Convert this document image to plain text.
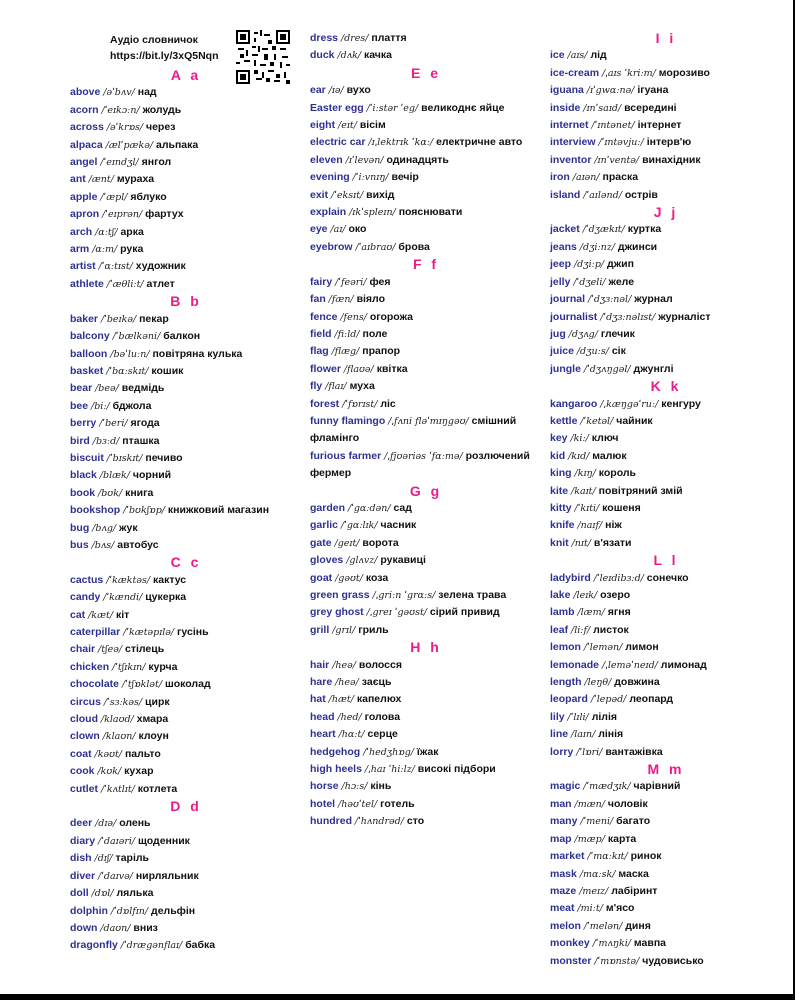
Аудіо словничок
https://bit.ly/3xQ5Nqn
A a
above /əˈbʌv/ над
acorn /ˈeɪkɔːn/ жолудь
across /əˈkrɒs/ через
alpaca /ælˈpækə/ альпака
angel /ˈeɪndʒl/ янгол
ant /ænt/ мураха
apple /ˈæpl/ яблуко
apron /ˈeɪprən/ фартух
arch /ɑːtʃ/ арка
arm /ɑːm/ рука
artist /ˈɑːtɪst/ художник
athlete /ˈæθliːt/ атлет
B b
baker /ˈbeɪkə/ пекар
balcony /ˈbælkəni/ балкон
balloon /bəˈluːn/ повітряна кулька
basket /ˈbɑːskɪt/ кошик
bear /beə/ ведмідь
bee /biː/ бджола
berry /ˈberi/ ягода
bird /bɜːd/ пташка
biscuit /ˈbɪskɪt/ печиво
black /blæk/ чорний
book /bʊk/ книга
bookshop /ˈbʊkʃɒp/ книжковий магазин
bug /bʌg/ жук
bus /bʌs/ автобус
C c
cactus /ˈkæktəs/ кактус
candy /ˈkændi/ цукерка
cat /kæt/ кіт
caterpillar /ˈkætəpɪlə/ гусінь
chair /tʃeə/ стілець
chicken /ˈtʃɪkɪn/ курча
chocolate /ˈtʃɒklət/ шоколад
circus /ˈsɜːkəs/ цирк
cloud /klaʊd/ хмара
clown /klaʊn/ клоун
coat /kəʊt/ пальто
cook /kʊk/ кухар
cutlet /ˈkʌtlɪt/ котлета
D d
deer /dɪə/ олень
diary /ˈdaɪəri/ щоденник
dish /dɪʃ/ таріль
diver /ˈdaɪvə/ нирляльник
doll /dɒl/ лялька
dolphin /ˈdɒlfɪn/ дельфін
down /daʊn/ вниз
dragonfly /ˈdrægənflaɪ/ бабка
dress /dres/ плаття
duck /dʌk/ качка
E e
ear /ɪə/ вухо
Easter egg /ˈiːstər ˈeg/ великоднє яйце
eight /eɪt/ вісім
electric car /ɪˌlektrɪk ˈkɑː/ електричне авто
eleven /ɪˈlevən/ одинадцять
evening /ˈiːvnɪŋ/ вечір
exit /ˈeksɪt/ вихід
explain /ɪkˈspleɪn/ пояснювати
eye /aɪ/ око
eyebrow /ˈaɪbraʊ/ брова
F f
fairy /ˈfeəri/ фея
fan /fæn/ віяло
fence /fens/ огорожа
field /fiːld/ поле
flag /flæg/ прапор
flower /flaʊə/ квітка
fly /flaɪ/ муха
forest /ˈfɒrɪst/ ліс
funny flamingo /ˌfʌni fləˈmɪŋgəʊ/ смішний фламінго
furious farmer /ˌfjʊəriəs ˈfɑːmə/ розлючений фермер
G g
garden /ˈgɑːdən/ сад
garlic /ˈgɑːlɪk/ часник
gate /geɪt/ ворота
gloves /glʌvz/ рукавиці
goat /gəʊt/ коза
green grass /ˌgriːn ˈgrɑːs/ зелена трава
grey ghost /ˌgreɪ ˈgəʊst/ сірий привид
grill /grɪl/ гриль
H h
hair /heə/ волосся
hare /heə/ заєць
hat /hæt/ капелюх
head /hed/ голова
heart /hɑːt/ серце
hedgehog /ˈhedʒhɒg/ їжак
high heels /ˌhaɪ ˈhiːlz/ високі підбори
horse /hɔːs/ кінь
hotel /həʊˈtel/ готель
hundred /ˈhʌndrəd/ сто
I i
ice /aɪs/ лід
ice-cream /ˌaɪs ˈkriːm/ морозиво
iguana /ɪˈgwɑːnə/ ігуана
inside /ɪnˈsaɪd/ всередині
internet /ˈɪntənet/ інтернет
interview /ˈɪntəvjuː/ інтерв'ю
inventor /ɪnˈventə/ винахідник
iron /aɪən/ праска
island /ˈaɪlənd/ острів
J j
jacket /ˈdʒækɪt/ куртка
jeans /dʒiːnz/ джинси
jeep /dʒiːp/ джип
jelly /ˈdʒeli/ желе
journal /ˈdʒɜːnəl/ журнал
journalist /ˈdʒɜːnəlɪst/ журналіст
jug /dʒʌg/ глечик
juice /dʒuːs/ сік
jungle /ˈdʒʌŋgəl/ джунглі
K k
kangaroo /ˌkæŋgəˈruː/ кенгуру
kettle /ˈketəl/ чайник
key /kiː/ ключ
kid /kɪd/ малюк
king /kɪŋ/ король
kite /kaɪt/ повітряний змій
kitty /ˈkɪti/ кошеня
knife /naɪf/ ніж
knit /nɪt/ в'язати
L l
ladybird /ˈleɪdibɜːd/ сонечко
lake /leɪk/ озеро
lamb /læm/ ягня
leaf /liːf/ листок
lemon /ˈlemən/ лимон
lemonade /ˌleməˈneɪd/ лимонад
length /leŋθ/ довжина
leopard /ˈlepəd/ леопард
lily /ˈlɪli/ лілія
line /laɪn/ лінія
lorry /ˈlɒri/ вантажівка
M m
magic /ˈmædʒɪk/ чарівний
man /mæn/ чоловік
many /ˈmeni/ багато
map /mæp/ карта
market /ˈmɑːkɪt/ ринок
mask /mɑːsk/ маска
maze /meɪz/ лабіринт
meat /miːt/ м'ясо
melon /ˈmelən/ диня
monkey /ˈmʌŋki/ мавпа
monster /ˈmɒnstə/ чудовисько
